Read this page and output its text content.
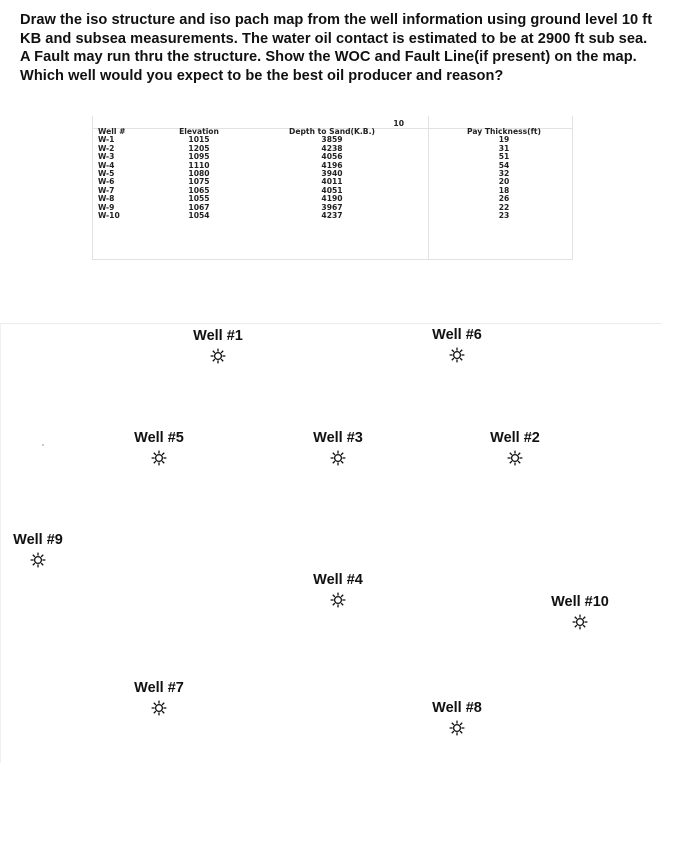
Draw the iso structure and iso pach map from the well information using ground level 10 ft KB and subsea measurements. The water oil contact is estimated to be at 2900 ft sub sea. A Fault may run thru the structure. Show the WOC and Fault Line(if present) on the map. Which well would you expect to be the best oil producer and reason?

		10	
Well #	Elevation	Depth to Sand(K.B.)	Pay Thickness(ft)
W-1	1015	3859	19
W-2	1205	4238	31
W-3	1095	4056	51
W-4	1110	4196	54
W-5	1080	3940	32
W-6	1075	4011	20
W-7	1065	4051	18
W-8	1055	4190	26
W-9	1067	3967	22
W-10	1054	4237	23
Well #1	Well #6
Well #5	Well #3	Well #2
Well #9
Well #4
Well #10
Well #7
Well #8
